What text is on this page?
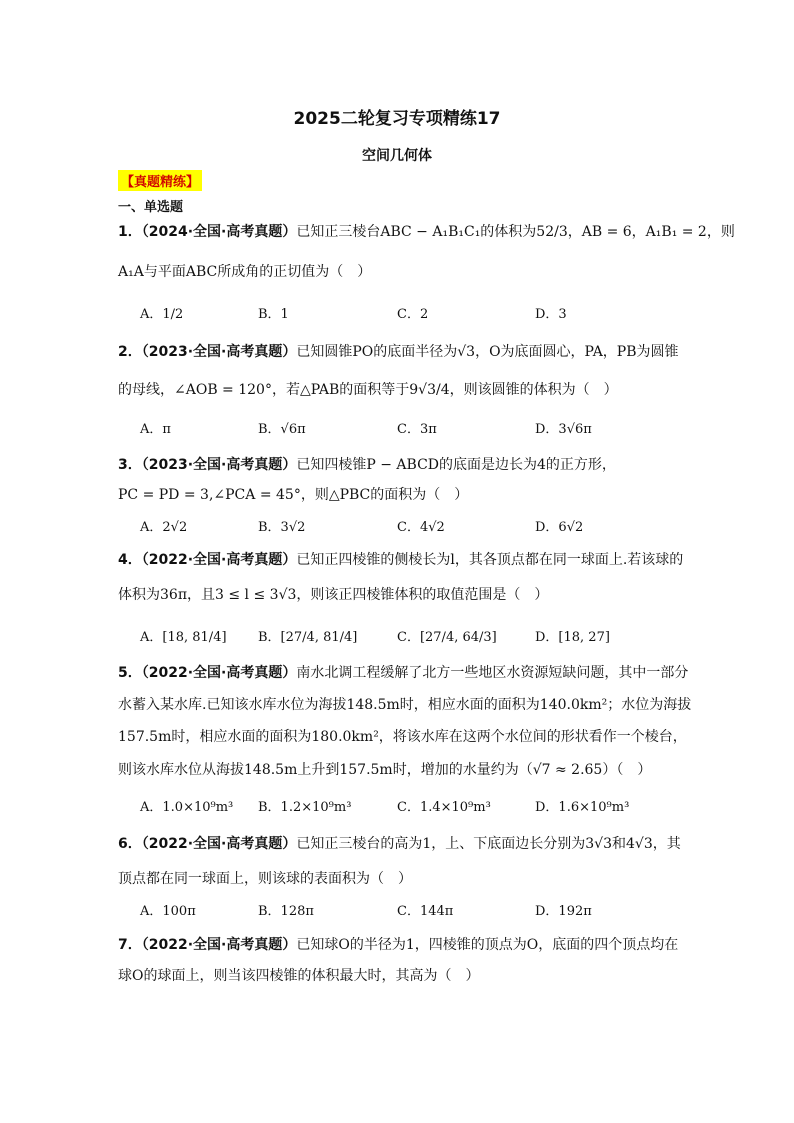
2025二轮复习专项精练17
空间几何体
【真题精练】
一、单选题
1．（2024·全国·高考真题）已知正三棱台ABC − A₁B₁C₁的体积为52/3，AB = 6，A₁B₁ = 2，则
A₁A与平面ABC所成角的正切值为（　）
A．1/2	B．1	C．2	D．3
2．（2023·全国·高考真题）已知圆锥PO的底面半径为√3，O为底面圆心，PA，PB为圆锥
的母线，∠AOB = 120°，若△PAB的面积等于9√3/4，则该圆锥的体积为（　）
A．π	B．√6π	C．3π	D．3√6π
3．（2023·全国·高考真题）已知四棱锥P − ABCD的底面是边长为4的正方形，
PC = PD = 3,∠PCA = 45°，则△PBC的面积为（　）
A．2√2	B．3√2	C．4√2	D．6√2
4．（2022·全国·高考真题）已知正四棱锥的侧棱长为l，其各顶点都在同一球面上.若该球的
体积为36π，且3 ≤ l ≤ 3√3，则该正四棱锥体积的取值范围是（　）
A．[18, 81/4] B．[27/4, 81/4]	C．[27/4, 64/3]	D．[18, 27]
5．（2022·全国·高考真题）南水北调工程缓解了北方一些地区水资源短缺问题，其中一部分
水蓄入某水库.已知该水库水位为海拔148.5m时，相应水面的面积为140.0km²；水位为海拔
157.5m时，相应水面的面积为180.0km²，将该水库在这两个水位间的形状看作一个棱台，
则该水库水位从海拔148.5m上升到157.5m时，增加的水量约为（√7 ≈ 2.65）（　）
A．1.0×10⁹m³ B．1.2×10⁹m³	C．1.4×10⁹m³	D．1.6×10⁹m³
6．（2022·全国·高考真题）已知正三棱台的高为1，上、下底面边长分别为3√3和4√3，其
顶点都在同一球面上，则该球的表面积为（　）
A．100π	B．128π	C．144π	D．192π
7．（2022·全国·高考真题）已知球O的半径为1，四棱锥的顶点为O，底面的四个顶点均在
球O的球面上，则当该四棱锥的体积最大时，其高为（　）
